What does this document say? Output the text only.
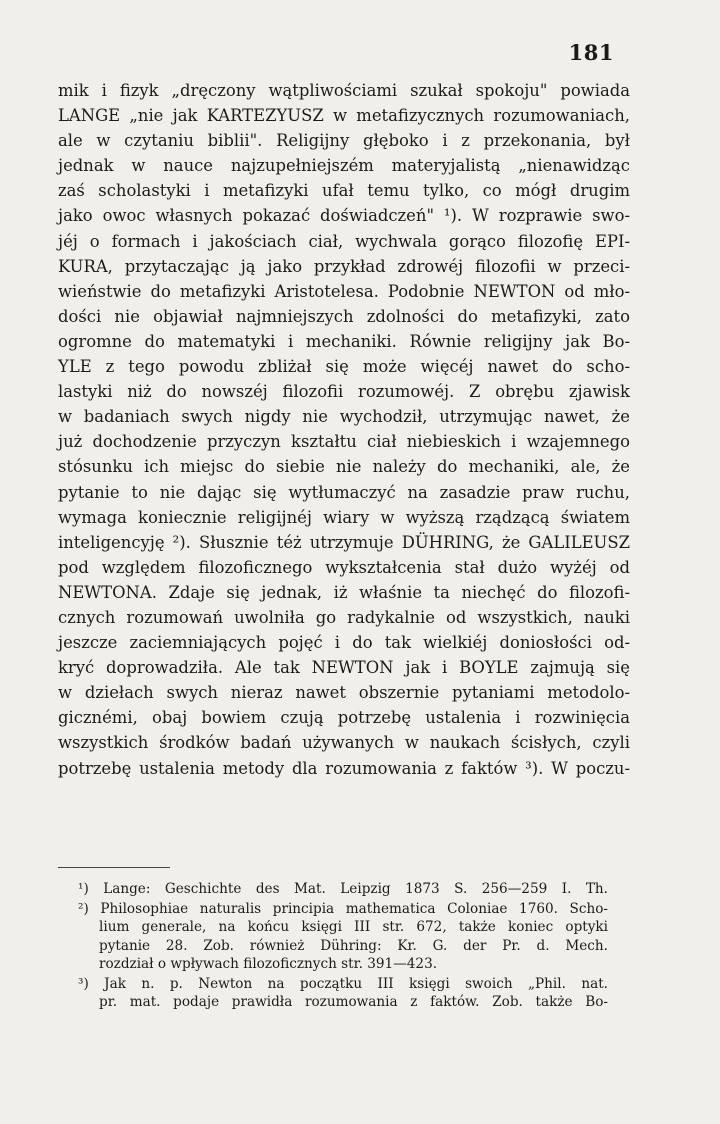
181
mik i fizyk „dręczony wątpliwościami szukał spokoju" powiada
LANGE „nie jak KARTEZYUSZ w metafizycznych rozumowaniach,
ale w czytaniu biblii". Religijny głęboko i z przekonania, był
jednak w nauce najzupełniejszém materyjalistą „nienawidząc
zaś scholastyki i metafizyki ufał temu tylko, co mógł drugim
jako owoc własnych pokazać doświadczeń" ¹). W rozprawie swo-
jéj o formach i jakościach ciał, wychwala gorąco filozofię EPI-
KURA, przytaczając ją jako przykład zdrowéj filozofii w przeci-
wieństwie do metafizyki Aristotelesa. Podobnie NEWTON od mło-
dości nie objawiał najmniejszych zdolności do metafizyki, zato
ogromne do matematyki i mechaniki. Równie religijny jak Bo-
YLE z tego powodu zbliżał się może więcéj nawet do scho-
lastyki niż do nowszéj filozofii rozumowéj. Z obrębu zjawisk
w badaniach swych nigdy nie wychodził, utrzymując nawet, że
już dochodzenie przyczyn kształtu ciał niebieskich i wzajemnego
stósunku ich miejsc do siebie nie należy do mechaniki, ale, że
pytanie to nie dając się wytłumaczyć na zasadzie praw ruchu,
wymaga koniecznie religijnéj wiary w wyższą rządzącą światem
inteligencyję ²). Słusznie téż utrzymuje DÜHRING, że GALILEUSZ
pod względem filozoficznego wykształcenia stał dużo wyżéj od
NEWTONA. Zdaje się jednak, iż właśnie ta niechęć do filozofi-
cznych rozumowań uwolniła go radykalnie od wszystkich, nauki
jeszcze zaciemniających pojęć i do tak wielkiéj doniosłości od-
kryć doprowadziła. Ale tak NEWTON jak i BOYLE zajmują się
w dziełach swych nieraz nawet obszernie pytaniami metodolo-
gicznémi, obaj bowiem czują potrzebę ustalenia i rozwinięcia
wszystkich środków badań używanych w naukach ścisłych, czyli
potrzebę ustalenia metody dla rozumowania z faktów ³). W poczu-
¹) Lange: Geschichte des Mat. Leipzig 1873 S. 256—259 I. Th.
²) Philosophiae naturalis principia mathematica Coloniae 1760. Scho-
lium generale, na końcu księgi III str. 672, także koniec optyki
pytanie 28. Zob. również Dühring: Kr. G. der Pr. d. Mech.
rozdział o wpływach filozoficznych str. 391—423.
³) Jak n. p. Newton na początku III księgi swoich „Phil. nat.
pr. mat. podaje prawidła rozumowania z faktów. Zob. także Bo-
